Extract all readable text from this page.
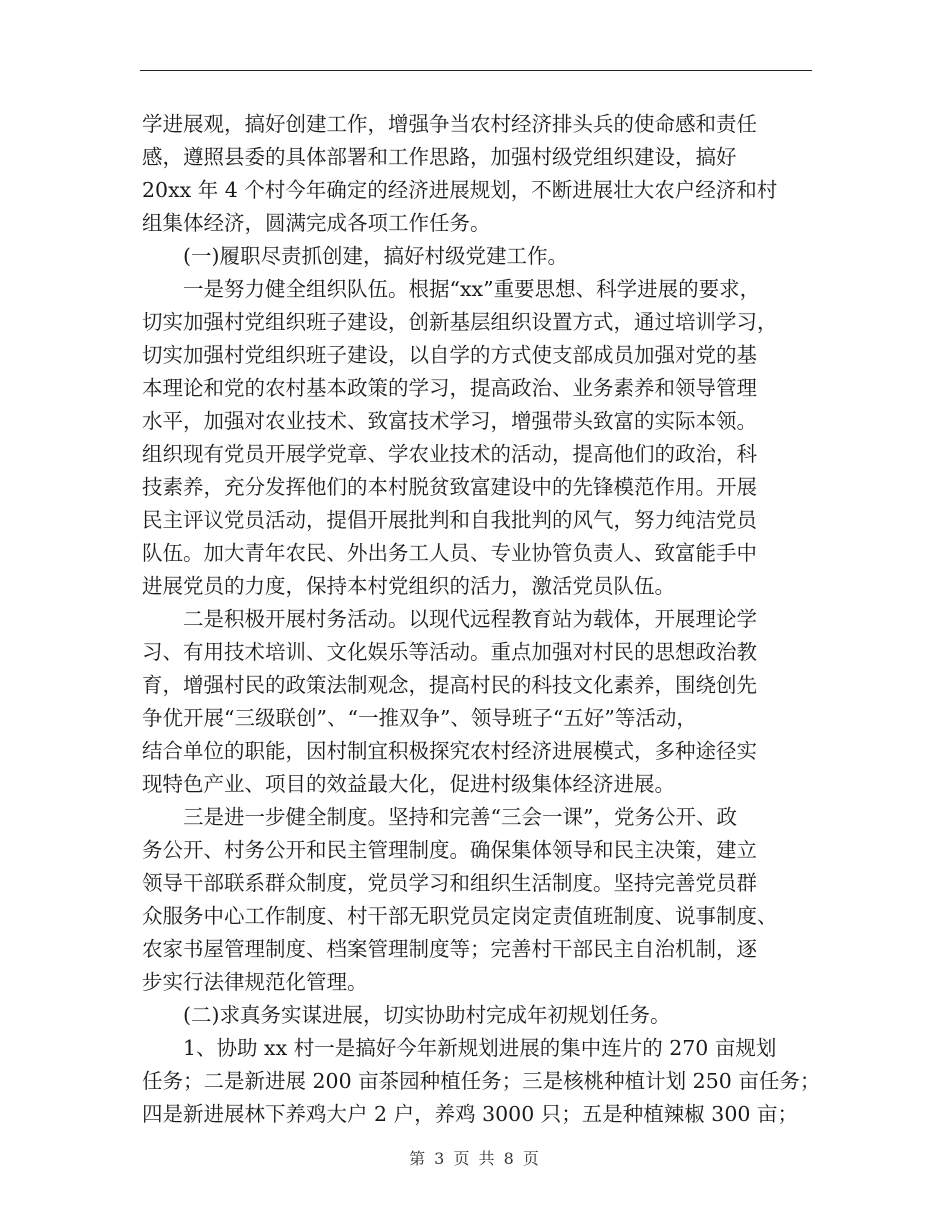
学进展观，搞好创建工作，增强争当农村经济排头兵的使命感和责任
感，遵照县委的具体部署和工作思路，加强村级党组织建设，搞好
20xx 年 4 个村今年确定的经济进展规划，不断进展壮大农户经济和村
组集体经济，圆满完成各项工作任务。
(一)履职尽责抓创建，搞好村级党建工作。
一是努力健全组织队伍。根据“xx”重要思想、科学进展的要求，
切实加强村党组织班子建设，创新基层组织设置方式，通过培训学习，
切实加强村党组织班子建设，以自学的方式使支部成员加强对党的基
本理论和党的农村基本政策的学习，提高政治、业务素养和领导管理
水平，加强对农业技术、致富技术学习，增强带头致富的实际本领。
组织现有党员开展学党章、学农业技术的活动，提高他们的政治，科
技素养，充分发挥他们的本村脱贫致富建设中的先锋模范作用。开展
民主评议党员活动，提倡开展批判和自我批判的风气，努力纯洁党员
队伍。加大青年农民、外出务工人员、专业协管负责人、致富能手中
进展党员的力度，保持本村党组织的活力，激活党员队伍。
二是积极开展村务活动。以现代远程教育站为载体，开展理论学
习、有用技术培训、文化娱乐等活动。重点加强对村民的思想政治教
育，增强村民的政策法制观念，提高村民的科技文化素养，围绕创先
争优开展“三级联创”、“一推双争”、领导班子“五好”等活动，
结合单位的职能，因村制宜积极探究农村经济进展模式，多种途径实
现特色产业、项目的效益最大化，促进村级集体经济进展。
三是进一步健全制度。坚持和完善“三会一课”，党务公开、政
务公开、村务公开和民主管理制度。确保集体领导和民主决策，建立
领导干部联系群众制度，党员学习和组织生活制度。坚持完善党员群
众服务中心工作制度、村干部无职党员定岗定责值班制度、说事制度、
农家书屋管理制度、档案管理制度等；完善村干部民主自治机制，逐
步实行法律规范化管理。
(二)求真务实谋进展，切实协助村完成年初规划任务。
1、协助 xx 村一是搞好今年新规划进展的集中连片的 270 亩规划
任务；二是新进展 200 亩茶园种植任务；三是核桃种植计划 250 亩任务；
四是新进展林下养鸡大户 2 户，养鸡 3000 只；五是种植辣椒 300 亩；
第 3 页 共 8 页
